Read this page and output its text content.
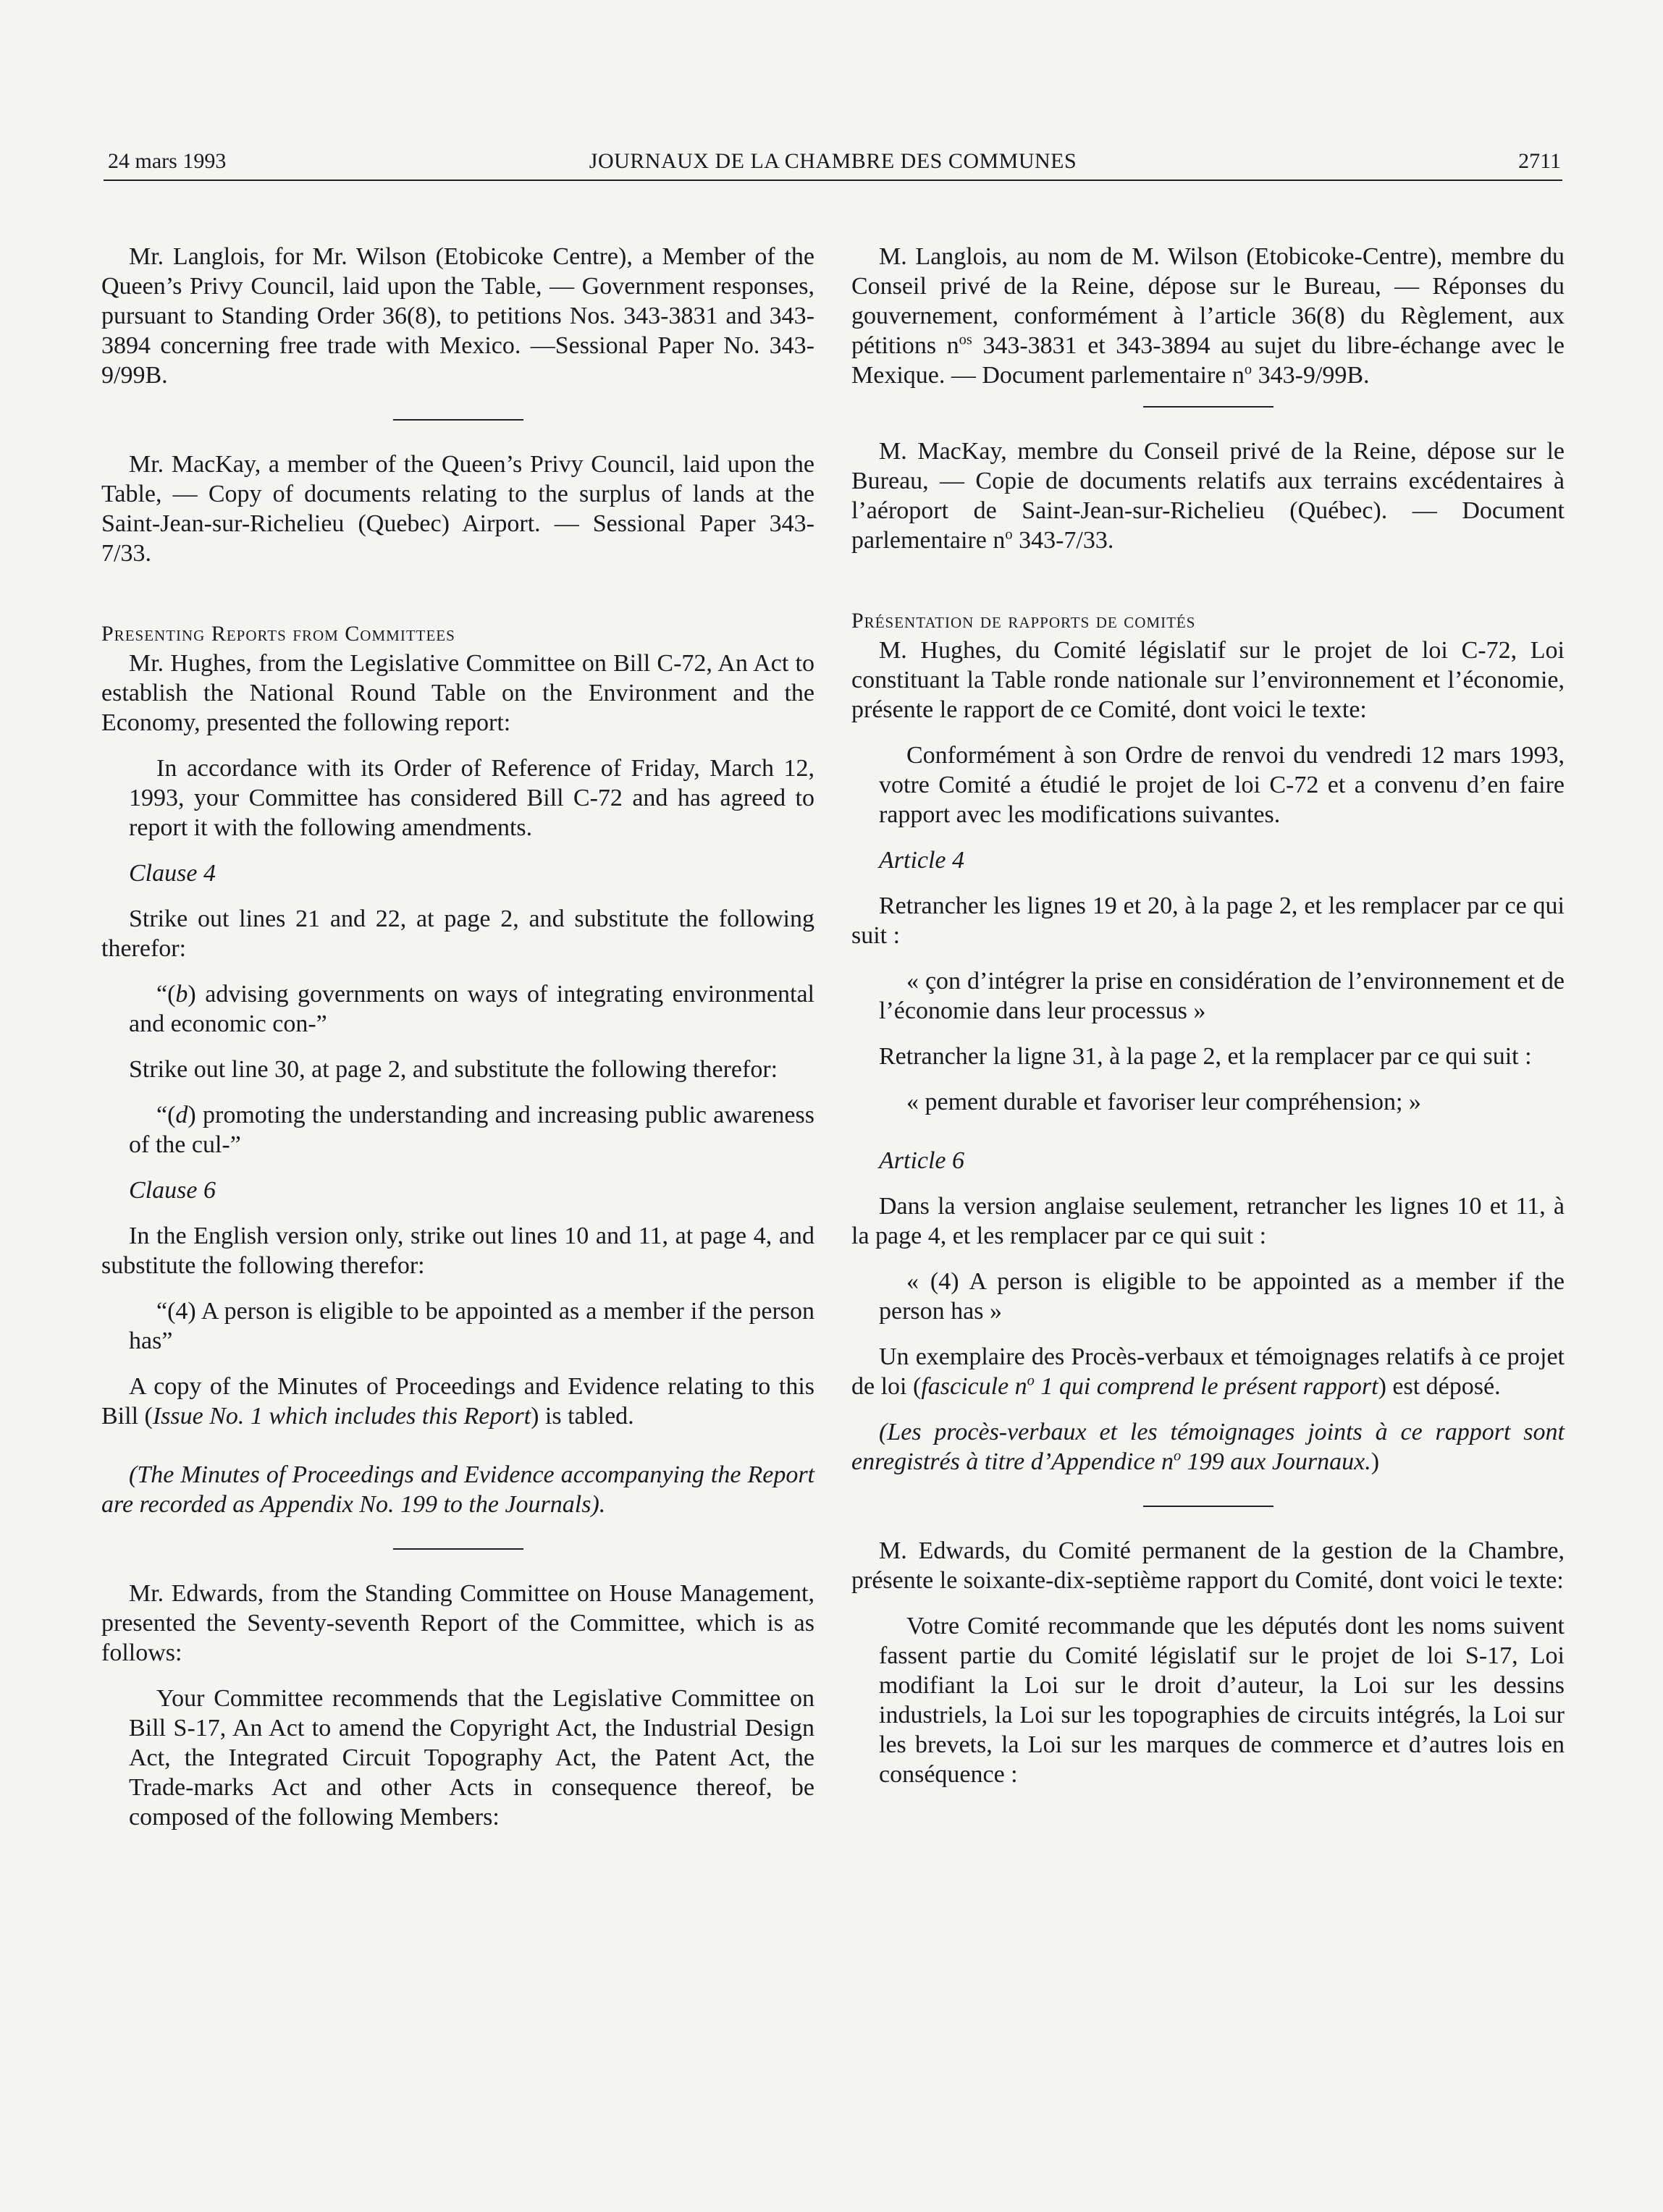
24 mars 1993	JOURNAUX DE LA CHAMBRE DES COMMUNES	2711

Mr. Langlois, for Mr. Wilson (Etobicoke Centre), a Member of the Queen’s Privy Council, laid upon the Table, — Government responses, pursuant to Standing Order 36(8), to petitions Nos. 343-3831 and 343-3894 concerning free trade with Mexico. —Sessional Paper No. 343-9/99B.

Mr. MacKay, a member of the Queen’s Privy Council, laid upon the Table, — Copy of documents relating to the surplus of lands at the Saint-Jean-sur-Richelieu (Quebec) Airport. — Sessional Paper 343-7/33.

Presenting Reports from Committees

Mr. Hughes, from the Legislative Committee on Bill C-72, An Act to establish the National Round Table on the Environment and the Economy, presented the following report:

In accordance with its Order of Reference of Friday, March 12, 1993, your Committee has considered Bill C-72 and has agreed to report it with the following amendments.

Clause 4

Strike out lines 21 and 22, at page 2, and substitute the following therefor:

“(b) advising governments on ways of integrating environmental and economic con-”

Strike out line 30, at page 2, and substitute the following therefor:

“(d) promoting the understanding and increasing public awareness of the cul-”

Clause 6

In the English version only, strike out lines 10 and 11, at page 4, and substitute the following therefor:

“(4) A person is eligible to be appointed as a member if the person has”

A copy of the Minutes of Proceedings and Evidence relating to this Bill (Issue No. 1 which includes this Report) is tabled.

(The Minutes of Proceedings and Evidence accompanying the Report are recorded as Appendix No. 199 to the Journals).

Mr. Edwards, from the Standing Committee on House Management, presented the Seventy-seventh Report of the Committee, which is as follows:

Your Committee recommends that the Legislative Committee on Bill S-17, An Act to amend the Copyright Act, the Industrial Design Act, the Integrated Circuit Topography Act, the Patent Act, the Trade-marks Act and other Acts in consequence thereof, be composed of the following Members:

M. Langlois, au nom de M. Wilson (Etobicoke-Centre), membre du Conseil privé de la Reine, dépose sur le Bureau, — Réponses du gouvernement, conformément à l’article 36(8) du Règlement, aux pétitions $n^{os}$ 343-3831 et 343-3894 au sujet du libre-échange avec le Mexique. — Document parlementaire $n^o$ 343-9/99B.

M. MacKay, membre du Conseil privé de la Reine, dépose sur le Bureau, — Copie de documents relatifs aux terrains excédentaires à l’aéroport de Saint-Jean-sur-Richelieu (Québec). — Document parlementaire $n^o$ 343-7/33.

Présentation de rapports de comités

M. Hughes, du Comité législatif sur le projet de loi C-72, Loi constituant la Table ronde nationale sur l’environnement et l’économie, présente le rapport de ce Comité, dont voici le texte:

Conformément à son Ordre de renvoi du vendredi 12 mars 1993, votre Comité a étudié le projet de loi C-72 et a convenu d’en faire rapport avec les modifications suivantes.

Article 4

Retrancher les lignes 19 et 20, à la page 2, et les remplacer par ce qui suit :

« çon d’intégrer la prise en considération de l’environnement et de l’économie dans leur processus »

Retrancher la ligne 31, à la page 2, et la remplacer par ce qui suit :

« pement durable et favoriser leur compréhension; »

Article 6

Dans la version anglaise seulement, retrancher les lignes 10 et 11, à la page 4, et les remplacer par ce qui suit :

« (4) A person is eligible to be appointed as a member if the person has »

Un exemplaire des Procès-verbaux et témoignages relatifs à ce projet de loi (fascicule $n^o$ 1 qui comprend le présent rapport) est déposé.

(Les procès-verbaux et les témoignages joints à ce rapport sont enregistrés à titre d’Appendice $n^o$ 199 aux Journaux.)

M. Edwards, du Comité permanent de la gestion de la Chambre, présente le soixante-dix-septième rapport du Comité, dont voici le texte:

Votre Comité recommande que les députés dont les noms suivent fassent partie du Comité législatif sur le projet de loi S-17, Loi modifiant la Loi sur le droit d’auteur, la Loi sur les dessins industriels, la Loi sur les topographies de circuits intégrés, la Loi sur les brevets, la Loi sur les marques de commerce et d’autres lois en conséquence :
